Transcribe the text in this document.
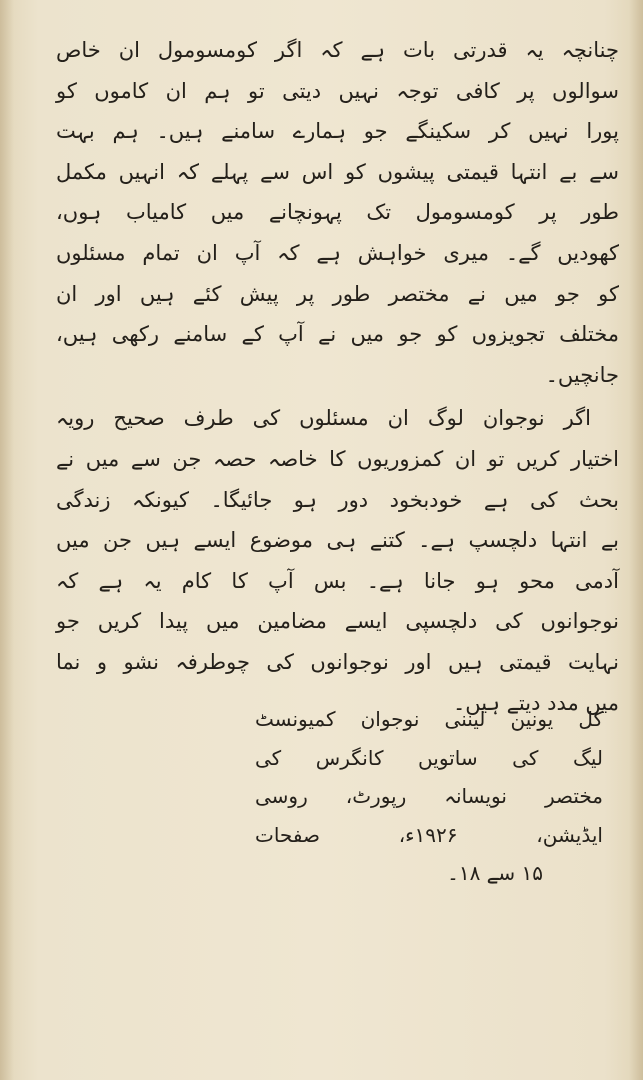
چنانچہ یہ قدرتی بات ہے کہ اگر کومسومول ان خاص
سوالوں پر کافی توجہ نہیں دیتی تو ہم ان کاموں کو
پورا نہیں کر سکینگے جو ہمارے سامنے ہیں۔ ہم بہت
سے بے انتہا قیمتی پیشوں کو اس سے پہلے کہ انہیں مکمل
طور پر کومسومول تک پہونچانے میں کامیاب ہوں،
کھودیں گے۔ میری خواہش ہے کہ آپ ان تمام مسئلوں
کو جو میں نے مختصر طور پر پیش کئے ہیں اور ان
مختلف تجویزوں کو جو میں نے آپ کے سامنے رکھی ہیں،
جانچیں۔
اگر نوجوان لوگ ان مسئلوں کی طرف صحیح رویہ
اختیار کریں تو ان کمزوریوں کا خاصہ حصہ جن سے میں نے
بحث کی ہے خودبخود دور ہو جائیگا۔ کیونکہ زندگی
بے انتہا دلچسپ ہے۔ کتنے ہی موضوع ایسے ہیں جن میں
آدمی محو ہو جانا ہے۔ بس آپ کا کام یہ ہے کہ
نوجوانوں کی دلچسپی ایسے مضامین میں پیدا کریں جو
نہایت قیمتی ہیں اور نوجوانوں کی چوطرفہ نشو و نما
میں مدد دیتے ہیں۔
کل یونین لیننی نوجوان کمیونسٹ
لیگ کی ساتویں کانگرس کی
مختصر نویسانہ رپورٹ، روسی
ایڈیشن، ۱۹۲۶ء، صفحات
۱۵ سے ۱۸۔
